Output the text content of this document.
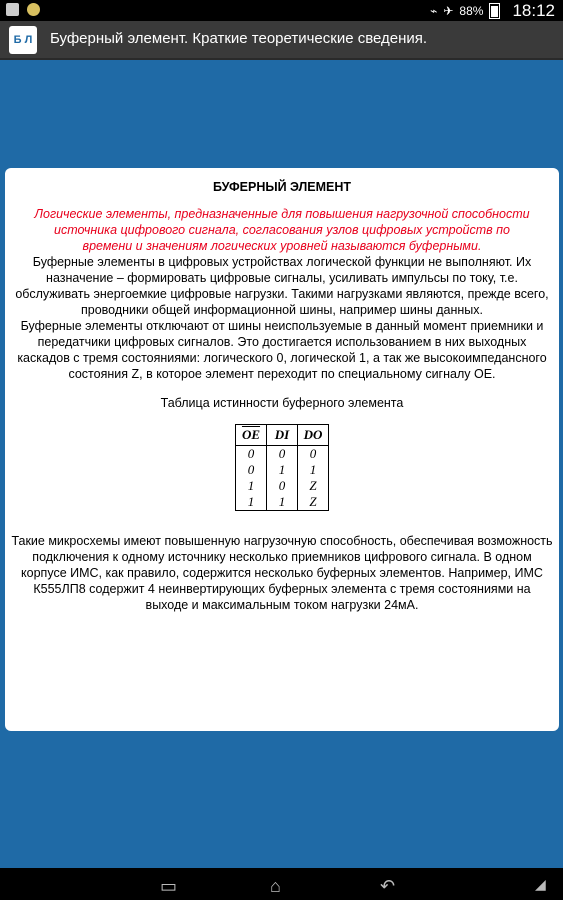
⌁ ✈ 88% 18:12
Б Л	Буферный элемент. Краткие теоретические сведения.
БУФЕРНЫЙ ЭЛЕМЕНТ
Логические элементы, предназначенные для повышения нагрузочной способности источника цифрового сигнала, согласования узлов цифровых устройств по времени и значениям логических уровней называются буферными.
Буферные элементы в цифровых устройствах логической функции не выполняют. Их назначение – формировать цифровые сигналы, усиливать импульсы по току, т.е. обслуживать энергоемкие цифровые нагрузки. Такими нагрузками являются, прежде всего, проводники общей информационной шины, например шины данных.
Буферные элементы отключают от шины неиспользуемые в данный момент приемники и передатчики цифровых сигналов. Это достигается использованием в них выходных каскадов с тремя состояниями: логического 0, логической 1, а так же высокоимпедансного состояния Z, в которое элемент переходит по специальному сигналу OE.
Таблица истинности буферного элемента
$\overline{OE}$	DI	DO
0	0	0
0	1	1
1	0	Z
1	1	Z
Такие микросхемы имеют повышенную нагрузочную способность, обеспечивая возможность подключения к одному источнику несколько приемников цифрового сигнала. В одном корпусе ИМС, как правило, содержится несколько буферных элементов. Например, ИМС К555ЛП8 содержит 4 неинвертирующих буферных элемента с тремя состояниями на выходе и максимальным током нагрузки 24мА.
▭	⌂	↶	◢
